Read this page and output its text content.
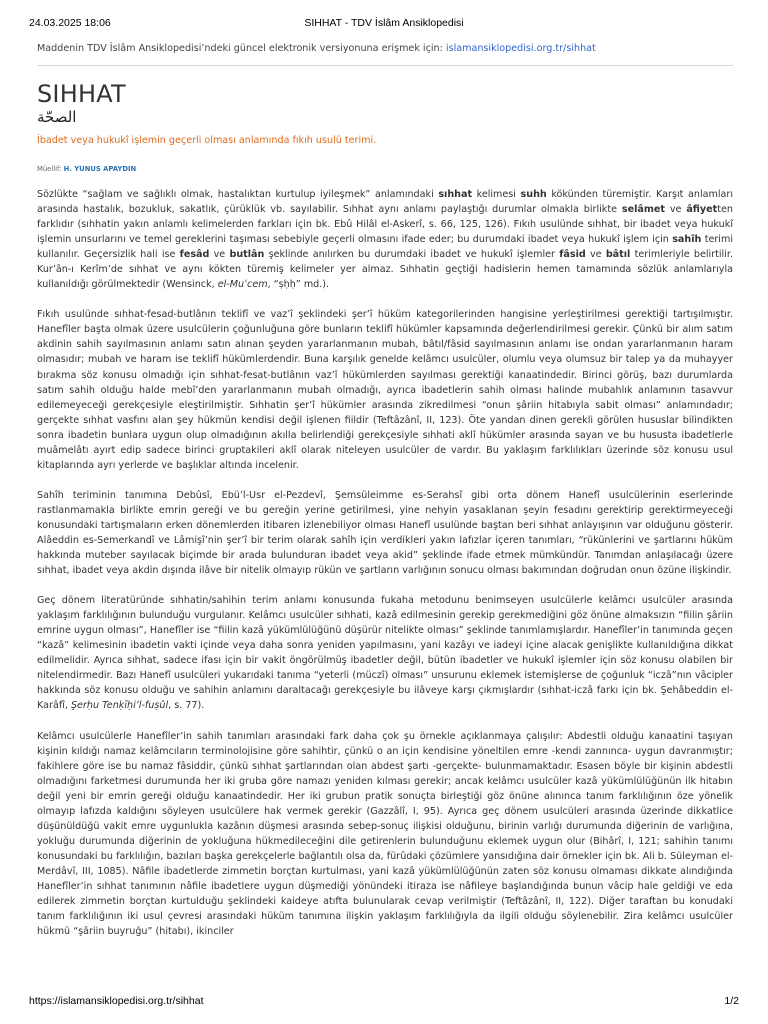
24.03.2025 18:06	SIHHAT - TDV İslâm Ansiklopedisi
Maddenin TDV İslâm Ansiklopedisi’ndeki güncel elektronik versiyonuna erişmek için: islamansiklopedisi.org.tr/sihhat
SIHHAT
الصحّة
İbadet veya hukukî işlemin geçerli olması anlamında fıkıh usulü terimi.
Müellif: H. YUNUS APAYDIN

Sözlükte “sağlam ve sağlıklı olmak, hastalıktan kurtulup iyileşmek” anlamındaki sıhhat kelimesi suhh kökünden türemiştir. Karşıt anlamları arasında hastalık, bozukluk, sakatlık, çürüklük vb. sayılabilir. Sıhhat aynı anlamı paylaştığı durumlar olmakla birlikte selâmet ve âfiyetten farklıdır (sıhhatin yakın anlamlı kelimelerden farkları için bk. Ebû Hilâl el-Askerî, s. 66, 125, 126). Fıkıh usulünde sıhhat, bir ibadet veya hukukî işlemin unsurlarını ve temel gereklerini taşıması sebebiyle geçerli olmasını ifade eder; bu durumdaki ibadet veya hukukî işlem için sahîh terimi kullanılır. Geçersizlik hali ise fesâd ve butlân şeklinde anılırken bu durumdaki ibadet ve hukukî işlemler fâsid ve bâtıl terimleriyle belirtilir. Kur’ân-ı Kerîm’de sıhhat ve aynı kökten türemiş kelimeler yer almaz. Sıhhatin geçtiği hadislerin hemen tamamında sözlük anlamlarıyla kullanıldığı görülmektedir (Wensinck, el-Muʿcem, “ṣḥḥ” md.).

Fıkıh usulünde sıhhat-fesad-butlânın teklifî ve vaz’î şeklindeki şer’î hüküm kategorilerinden hangisine yerleştirilmesi gerektiği tartışılmıştır. Hanefîler başta olmak üzere usulcülerin çoğunluğuna göre bunların teklifî hükümler kapsamında değerlendirilmesi gerekir. Çünkü bir alım satım akdinin sahih sayılmasının anlamı satın alınan şeyden yararlanmanın mubah, bâtıl/fâsid sayılmasının anlamı ise ondan yararlanmanın haram olmasıdır; mubah ve haram ise teklifî hükümlerdendir. Buna karşılık genelde kelâmcı usulcüler, olumlu veya olumsuz bir talep ya da muhayyer bırakma söz konusu olmadığı için sıhhat-fesat-butlânın vaz’î hükümlerden sayılması gerektiği kanaatindedir. Birinci görüş, bazı durumlarda satım sahih olduğu halde mebî’den yararlanmanın mubah olmadığı, ayrıca ibadetlerin sahih olması halinde mubahlık anlamının tasavvur edilemeyeceği gerekçesiyle eleştirilmiştir. Sıhhatin şer’î hükümler arasında zikredilmesi “onun şâriin hitabıyla sabit olması” anlamındadır; gerçekte sıhhat vasfını alan şey hükmün kendisi değil işlenen fiildir (Teftâzânî, II, 123). Öte yandan dinen gerekli görülen hususlar bilindikten sonra ibadetin bunlara uygun olup olmadığının akılla belirlendiği gerekçesiyle sıhhati aklî hükümler arasında sayan ve bu hususta ibadetlerle muâmelâtı ayırt edip sadece birinci gruptakileri aklî olarak niteleyen usulcüler de vardır. Bu yaklaşım farklılıkları üzerinde söz konusu usul kitaplarında ayrı yerlerde ve başlıklar altında incelenir.

Sahîh teriminin tanımına Debûsî, Ebü’l-Usr el-Pezdevî, Şemsüleimme es-Serahsî gibi orta dönem Hanefî usulcülerinin eserlerinde rastlanmamakla birlikte emrin gereği ve bu gereğin yerine getirilmesi, yine nehyin yasaklanan şeyin fesadını gerektirip gerektirmeyeceği konusundaki tartışmaların erken dönemlerden itibaren izlenebiliyor olması Hanefî usulünde baştan beri sıhhat anlayışının var olduğunu gösterir. Alâeddin es-Semerkandî ve Lâmişî’nin şer’î bir terim olarak sahîh için verdikleri yakın lafızlar içeren tanımları, “rükünlerini ve şartlarını hüküm hakkında muteber sayılacak biçimde bir arada bulunduran ibadet veya akid” şeklinde ifade etmek mümkündür. Tanımdan anlaşılacağı üzere sıhhat, ibadet veya akdin dışında ilâve bir nitelik olmayıp rükün ve şartların varlığının sonucu olması bakımından doğrudan onun özüne ilişkindir.

Geç dönem literatüründe sıhhatin/sahihin terim anlamı konusunda fukaha metodunu benimseyen usulcülerle kelâmcı usulcüler arasında yaklaşım farklılığının bulunduğu vurgulanır. Kelâmcı usulcüler sıhhati, kazâ edilmesinin gerekip gerekmediğini göz önüne almaksızın “fiilin şâriin emrine uygun olması”, Hanefîler ise “fiilin kazâ yükümlülüğünü düşürür nitelikte olması” şeklinde tanımlamışlardır. Hanefîler’in tanımında geçen “kazâ” kelimesinin ibadetin vakti içinde veya daha sonra yeniden yapılmasını, yani kazâyı ve iadeyi içine alacak genişlikte kullanıldığına dikkat edilmelidir. Ayrıca sıhhat, sadece ifası için bir vakit öngörülmüş ibadetler değil, bütün ibadetler ve hukukî işlemler için söz konusu olabilen bir nitelendirmedir. Bazı Hanefî usulcüleri yukarıdaki tanıma “yeterli (müczî) olması” unsurunu eklemek istemişlerse de çoğunluk “iczâ”nın vâcipler hakkında söz konusu olduğu ve sahihin anlamını daraltacağı gerekçesiyle bu ilâveye karşı çıkmışlardır (sıhhat-iczâ farkı için bk. Şehâbeddin el-Karâfî, Şerḥu Tenḳīḥi’l-fuṣûl, s. 77).

Kelâmcı usulcülerle Hanefîler’in sahih tanımları arasındaki fark daha çok şu örnekle açıklanmaya çalışılır: Abdestli olduğu kanaatini taşıyan kişinin kıldığı namaz kelâmcıların terminolojisine göre sahihtir, çünkü o an için kendisine yöneltilen emre -kendi zannınca- uygun davranmıştır; fakihlere göre ise bu namaz fâsiddir, çünkü sıhhat şartlarından olan abdest şartı -gerçekte- bulunmamaktadır. Esasen böyle bir kişinin abdestli olmadığını farketmesi durumunda her iki gruba göre namazı yeniden kılması gerekir; ancak kelâmcı usulcüler kazâ yükümlülüğünün ilk hitabın değil yeni bir emrin gereği olduğu kanaatindedir. Her iki grubun pratik sonuçta birleştiği göz önüne alınınca tanım farklılığının öze yönelik olmayıp lafızda kaldığını söyleyen usulcülere hak vermek gerekir (Gazzâlî, I, 95). Ayrıca geç dönem usulcüleri arasında üzerinde dikkatlice düşünüldüğü vakit emre uygunlukla kazânın düşmesi arasında sebep-sonuç ilişkisi olduğunu, birinin varlığı durumunda diğerinin de varlığına, yokluğu durumunda diğerinin de yokluğuna hükmedileceğini dile getirenlerin bulunduğunu eklemek uygun olur (Bihârî, I, 121; sahihin tanımı konusundaki bu farklılığın, bazıları başka gerekçelerle bağlantılı olsa da, fürûdaki çözümlere yansıdığına dair örnekler için bk. Ali b. Süleyman el-Merdâvî, III, 1085). Nâfile ibadetlerde zimmetin borçtan kurtulması, yani kazâ yükümlülüğünün zaten söz konusu olmaması dikkate alındığında Hanefîler’in sıhhat tanımının nâfile ibadetlere uygun düşmediği yönündeki itiraza ise nâfileye başlandığında bunun vâcip hale geldiği ve eda edilerek zimmetin borçtan kurtulduğu şeklindeki kaideye atıfta bulunularak cevap verilmiştir (Teftâzânî, II, 122). Diğer taraftan bu konudaki tanım farklılığının iki usul çevresi arasındaki hüküm tanımına ilişkin yaklaşım farklılığıyla da ilgili olduğu söylenebilir. Zira kelâmcı usulcüler hükmü “şâriin buyruğu” (hitabı), ikinciler

https://islamansiklopedisi.org.tr/sihhat	1/2
